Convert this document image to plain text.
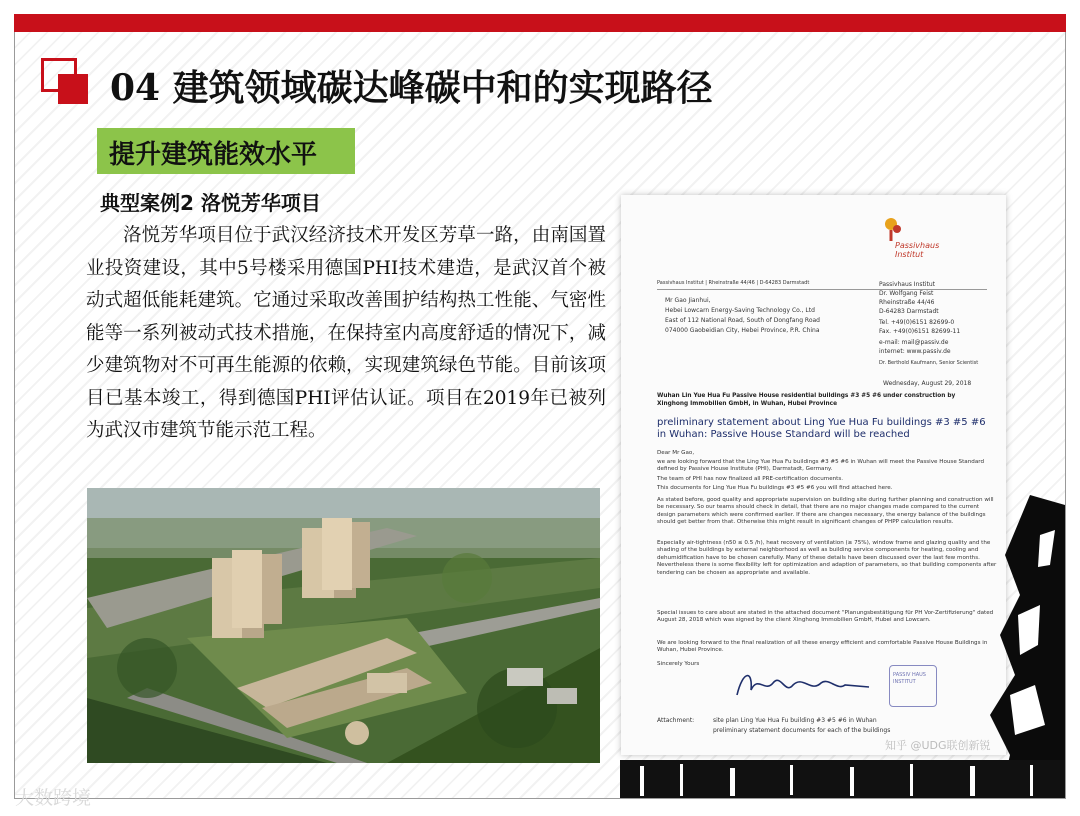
04 建筑领域碳达峰碳中和的实现路径
提升建筑能效水平
典型案例2 洛悦芳华项目
洛悦芳华项目位于武汉经济技术开发区芳草一路，由南国置业投资建设，其中5号楼采用德国PHI技术建造，是武汉首个被动式超低能耗建筑。它通过采取改善围护结构热工性能、气密性能等一系列被动式技术措施，在保持室内高度舒适的情况下，减少建筑物对不可再生能源的依赖，实现建筑绿色节能。目前该项目已基本竣工，得到德国PHI评估认证。项目在2019年已被列为武汉市建筑节能示范工程。
Passivhaus
Institut
Passivhaus Institut | Rheinstraße 44/46 | D-64283 Darmstadt
Mr Gao Jianhui,
Hebei Lowcarn Energy-Saving Technology Co., Ltd
East of 112 National Road, South of Dongfang Road
074000 Gaobeidian City, Hebei Province, P.R. China
Passivhaus Institut
Dr. Wolfgang Feist
Rheinstraße 44/46
D-64283 Darmstadt
Tel. +49(0)6151 82699-0
Fax. +49(0)6151 82699-11
e-mail: mail@passiv.de
internet: www.passiv.de
Dr. Berthold Kaufmann, Senior Scientist
Wednesday, August 29, 2018
Wuhan Lin Yue Hua Fu Passive House residential buildings #3 #5 #6 under construction by Xinghong Immobilien GmbH, in Wuhan, Hubei Province
preliminary statement about Ling Yue Hua Fu buildings #3 #5 #6 in Wuhan: Passive House Standard will be reached
Dear Mr Gao,
we are looking forward that the Ling Yue Hua Fu buildings #3 #5 #6 in Wuhan will meet the Passive House Standard defined by Passive House Institute (PHI), Darmstadt, Germany.
The team of PHI has now finalized all PRE-certification documents.
This documents for Ling Yue Hua Fu buildings #3 #5 #6 you will find attached here.
As stated before, good quality and appropriate supervision on building site during further planning and construction will be necessary. So our teams should check in detail, that there are no major changes made compared to the current design parameters which were confirmed earlier. If there are changes necessary, the energy balance of the buildings should get better from that. Otherwise this might result in significant changes of PHPP calculation results.
Especially air-tightness (n50 ≤ 0.5 /h), heat recovery of ventilation (≥ 75%), window frame and glazing quality and the shading of the buildings by external neighborhood as well as building service components for heating, cooling and dehumidification have to be chosen carefully. Many of these details have been discussed over the last few months. Nevertheless there is some flexibility left for optimization and adaption of parameters, so that building components after tendering can be chosen as appropriate and available.
Special issues to care about are stated in the attached document "Planungsbestätigung für PH Vor-Zertifizierung" dated August 28, 2018 which was signed by the client Xinghong Immobilien GmbH, Hubei and Lowcarn.
We are looking forward to the final realization of all these energy efficient and comfortable Passive House Buildings in Wuhan, Hubei Province.
Sincerely Yours
PASSIV HAUS INSTITUT
Attachment:	site plan Ling Yue Hua Fu building #3 #5 #6 in Wuhan
preliminary statement documents for each of the buildings
大数跨境
知乎 @UDG联创新锐
